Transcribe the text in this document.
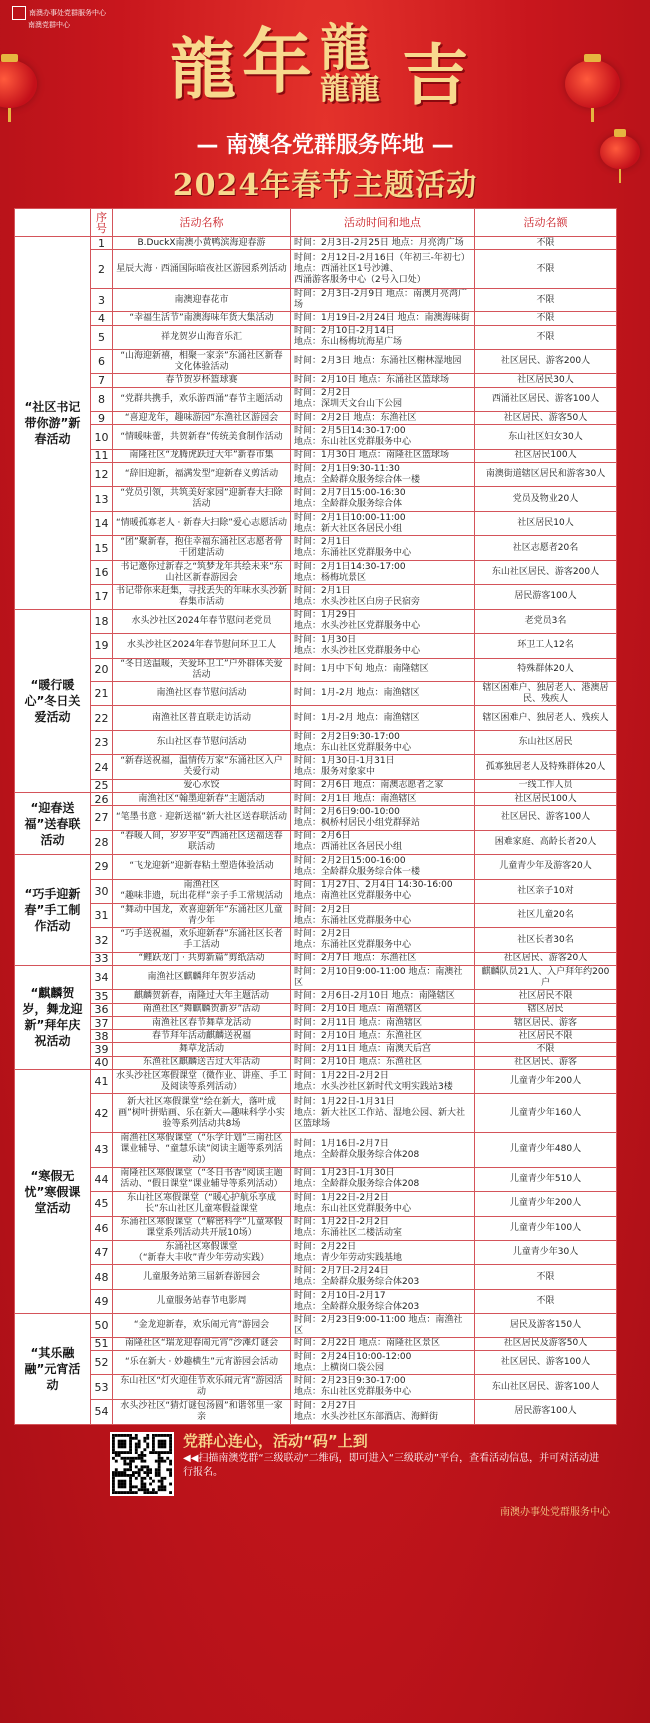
南澳办事处党群服务中心
南澳党群中心
龍 年 龍
龍龍 吉
— 南澳各党群服务阵地 —
2024年春节主题活动
	序号	活动名称	活动时间和地点	活动名额
“社区书记带你游”新春活动	1	B.DuckX南澳小黄鸭滨海迎春游	时间：2月3日-2月25日 地点：月亮湾广场	不限
	2	星辰大海 · 西涌国际暗夜社区游园系列活动	时间：2月12日-2月16日（年初三-年初七）
地点：西涌社区1号沙滩、
西涌游客服务中心（2号入口处）	不限
	3	南澳迎春花市	时间：2月3日-2月9日 地点：南澳月亮湾广场	不限
	4	“幸福生活节”南澳海味年货大集活动	时间：1月19日-2月24日 地点：南澳海味街	不限
	5	祥龙贺岁山海音乐汇	时间：2月10日-2月14日
地点：东山杨梅坑海星广场	不限
	6	“山海迎新禧，相聚一家亲”东涌社区新春文化体验活动	时间：2月3日 地点：东涌社区榭林湿地园	社区居民、游客200人
	7	春节贺岁杯篮球赛	时间：2月10日 地点：东涌社区篮球场	社区居民30人
	8	“党群共携手，欢乐游西涌”春节主题活动	时间：2月2日
地点：深圳天文台山下公园	西涌社区居民、游客100人
	9	“喜迎龙年，趣味游园”东渔社区游园会	时间：2月2日 地点：东渔社区	社区居民、游客50人
	10	“情暖味蕾，共贺新春”传统美食制作活动	时间：2月5日14:30-17:00
地点：东山社区党群服务中心	东山社区妇女30人
	11	南隆社区“龙腾虎跃过大年”新春市集	时间：1月30日 地点：南隆社区篮球场	社区居民100人
	12	“辞旧迎新，福满发型”迎新春义剪活动	时间：2月1日9:30-11:30
地点：全龄群众服务综合体一楼	南澳街道辖区居民和游客30人
	13	“党员引领，共筑美好家园”迎新春大扫除活动	时间：2月7日15:00-16:30
地点：全龄群众服务综合体	党员及物业20人
	14	“情暖孤寡老人 · 新春大扫除”爱心志愿活动	时间：2月1日10:00-11:00
地点：新大社区各居民小组	社区居民10人
	15	“团”聚新春，抱住幸福东涌社区志愿者骨干团建活动	时间：2月1日
地点：东涌社区党群服务中心	社区志愿者20名
	16	书记邀你过新春之“筑梦龙年共绘未来”东山社区新春游园会	时间：2月1日14:30-17:00
地点：杨梅坑景区	东山社区居民、游客200人
	17	书记带你来赶集，寻找丢失的年味水头沙新春集市活动	时间：2月1日
地点：水头沙社区白房子民宿旁	居民游客100人
“暖行暖心”冬日关爱活动	18	水头沙社区2024年春节慰问老党员	时间：1月29日
地点：水头沙社区党群服务中心	老党员3名
	19	水头沙社区2024年春节慰问环卫工人	时间：1月30日
地点：水头沙社区党群服务中心	环卫工人12名
	20	“冬日送温暖，关爱环卫工”户外群体关爱活动	时间：1月中下旬 地点：南隆辖区	特殊群体20人
	21	南渔社区春节慰问活动	时间：1月-2月 地点：南渔辖区	辖区困难户、独居老人、港澳居民、残疾人
	22	南渔社区普直联走访活动	时间：1月-2月 地点：南渔辖区	辖区困难户、独居老人、残疾人
	23	东山社区春节慰问活动	时间：2月2日9:30-17:00
地点：东山社区党群服务中心	东山社区居民
	24	“新春送祝福，温情传万家”东涌社区入户关爱行动	时间：1月30日-1月31日
地点：服务对象家中	孤寡独居老人及特殊群体20人
	25	爱心水饺	时间：2月6日 地点：南澳志愿者之家	一线工作人员
“迎春送福”送春联活动	26	南渔社区“翰墨迎新春”主题活动	时间：2月1日 地点：南渔辖区	社区居民100人
	27	“笔墨书意 · 迎新送福”新大社区送春联活动	时间：2月6日9:00-10:00
地点：枫桥村居民小组党群驿站	社区居民、游客100人
	28	“春暖人间，岁岁平安”西涌社区送福送春联活动	时间：2月6日
地点：西涌社区各居民小组	困难家庭、高龄长者20人
“巧手迎新春”手工制作活动	29	“飞龙迎新”迎新春粘土塑造体验活动	时间：2月2日15:00-16:00
地点：全龄群众服务综合体一楼	儿童青少年及游客20人
	30	南渔社区
“趣味非遗，玩出花样”亲子手工常规活动	时间：1月27日、2月4日 14:30-16:00
地点：南渔社区党群服务中心	社区亲子10对
	31	“舞动中国龙，欢喜迎新年”东涌社区儿童青少年	时间：2月2日
地点：东涌社区党群服务中心	社区儿童20名
	32	“巧手送祝福，欢乐迎新春”东涌社区长者手工活动	时间：2月2日
地点：东涌社区党群服务中心	社区长者30名
	33	“鲤跃龙门 · 共剪新篇”剪纸活动	时间：2月7日 地点：东渔社区	社区居民、游客20人
“麒麟贺岁，舞龙迎新”拜年庆祝活动	34	南渔社区麒麟拜年贺岁活动	时间：2月10日9:00-11:00 地点：南澳社区	麒麟队员21人、入户拜年约200户
	35	麒麟贺新春，南隆过大年主题活动	时间：2月6日-2月10日 地点：南隆辖区	社区居民不限
	36	南渔社区“舞麒麟贺新岁”活动	时间：2月10日 地点：南渔辖区	辖区居民
	37	南渔社区春节舞草龙活动	时间：2月11日 地点：南渔辖区	辖区居民、游客
	38	春节拜年活动麒麟送祝福	时间：2月10日 地点：东渔社区	社区居民不限
	39	舞草龙活动	时间：2月11日 地点：南澳天后宫	不限
	40	东渔社区麒麟送吉过大年活动	时间：2月10日 地点：东渔社区	社区居民、游客
“寒假无忧”寒假课堂活动	41	水头沙社区寒假课堂（微作业、讲座、手工及阅读等系列活动）	时间：1月22日-2月2日
地点：水头沙社区新时代文明实践站3楼	儿童青少年200人
	42	新大社区寒假课堂“绘在新大，落叶成画”树叶拼贴画、乐在新大—趣味科学小实验等系列活动共8场	时间：1月22日-1月31日
地点：新大社区工作站、湿地公园、新大社区篮球场	儿童青少年160人
	43	南渔社区寒假课堂（“乐学计划”三南社区课业辅导、“童慧乐读”阅读主题等系列活动）	时间：1月16日-2月7日
地点：全龄群众服务综合体208	儿童青少年480人
	44	南隆社区寒假课堂（“冬日书香”阅读主题活动、“假日课堂”课业辅导等系列活动）	时间：1月23日-1月30日
地点：全龄群众服务综合体208	儿童青少年510人
	45	东山社区寒假课堂（“暖心护航乐享成长”东山社区儿童寒假益课堂	时间：1月22日-2月2日
地点：东山社区党群服务中心	儿童青少年200人
	46	东涌社区寒假课堂（“解密科学”儿童寒假课堂系列活动共开展10场）	时间：1月22日-2月2日
地点：东涌社区二楼活动室	儿童青少年100人
	47	东涌社区寒假课堂
（“新春大丰收”青少年劳动实践）	时间：2月22日
地点：青少年劳动实践基地	儿童青少年30人
	48	儿童服务站第三届新春游园会	时间：2月7日-2月24日
地点：全龄群众服务综合体203	不限
	49	儿童服务站春节电影周	时间：2月10日-2月17
地点：全龄群众服务综合体203	不限
“其乐融融”元宵活动	50	“金龙迎新春，欢乐闹元宵”游园会	时间：2月23日9:00-11:00 地点：南渔社区	居民及游客150人
	51	南隆社区“瑞龙迎春闹元宵”沙滩灯谜会	时间：2月22日 地点：南隆社区景区	社区居民及游客50人
	52	“乐在新大 · 妙趣横生”元宵游园会活动	时间：2月24日10:00-12:00
地点：上横岗口袋公园	社区居民、游客100人
	53	东山社区“灯火迎佳节欢乐闹元宵”游园活动	时间：2月23日9:30-17:00
地点：东山社区党群服务中心	东山社区居民、游客100人
	54	水头沙社区“猜灯谜包汤圆”和谐邻里一家亲	时间：2月27日
地点：水头沙社区东部酒店、海鲜街	居民游客100人
党群心连心，活动“码”上到
◀◀扫描南澳党群“三级联动”二维码，即可进入“三级联动”平台，查看活动信息，并可对活动进行报名。
南澳办事处党群服务中心
